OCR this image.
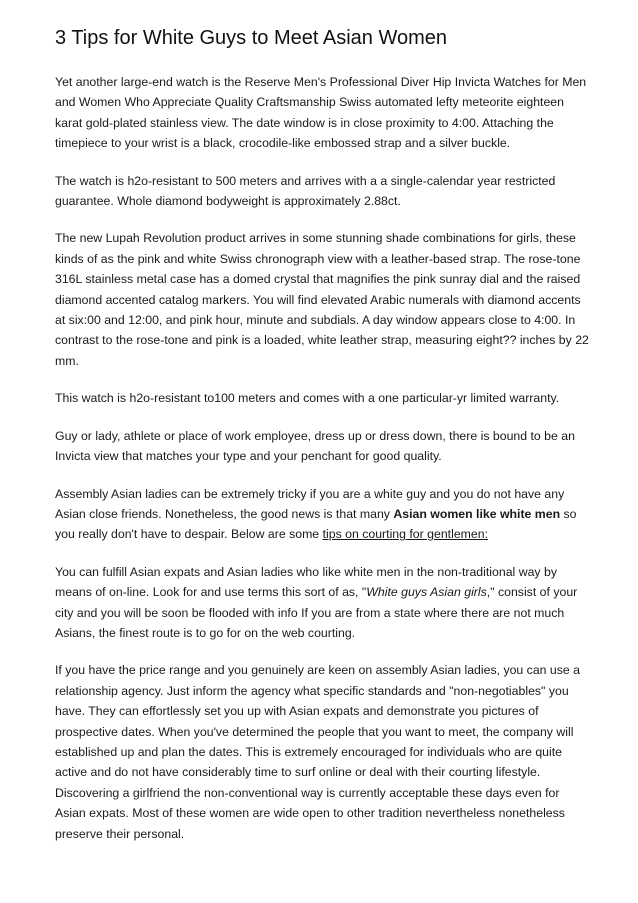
3 Tips for White Guys to Meet Asian Women

Yet another large-end watch is the Reserve Men's Professional Diver Hip Invicta Watches for Men and Women Who Appreciate Quality Craftsmanship Swiss automated lefty meteorite eighteen karat gold-plated stainless view. The date window is in close proximity to 4:00. Attaching the timepiece to your wrist is a black, crocodile-like embossed strap and a silver buckle.

The watch is h2o-resistant to 500 meters and arrives with a a single-calendar year restricted guarantee. Whole diamond bodyweight is approximately 2.88ct.

The new Lupah Revolution product arrives in some stunning shade combinations for girls, these kinds of as the pink and white Swiss chronograph view with a leather-based strap. The rose-tone 316L stainless metal case has a domed crystal that magnifies the pink sunray dial and the raised diamond accented catalog markers. You will find elevated Arabic numerals with diamond accents at six:00 and 12:00, and pink hour, minute and subdials. A day window appears close to 4:00. In contrast to the rose-tone and pink is a loaded, white leather strap, measuring eight?? inches by 22 mm.

This watch is h2o-resistant to100 meters and comes with a one particular-yr limited warranty.

Guy or lady, athlete or place of work employee, dress up or dress down, there is bound to be an Invicta view that matches your type and your penchant for good quality.

Assembly Asian ladies can be extremely tricky if you are a white guy and you do not have any Asian close friends. Nonetheless, the good news is that many Asian women like white men so you really don't have to despair. Below are some tips on courting for gentlemen:

You can fulfill Asian expats and Asian ladies who like white men in the non-traditional way by means of on-line. Look for and use terms this sort of as, "White guys Asian girls," consist of your city and you will be soon be flooded with info If you are from a state where there are not much Asians, the finest route is to go for on the web courting.

If you have the price range and you genuinely are keen on assembly Asian ladies, you can use a relationship agency. Just inform the agency what specific standards and "non-negotiables" you have. They can effortlessly set you up with Asian expats and demonstrate you pictures of prospective dates. When you've determined the people that you want to meet, the company will established up and plan the dates. This is extremely encouraged for individuals who are quite active and do not have considerably time to surf online or deal with their courting lifestyle. Discovering a girlfriend the non-conventional way is currently acceptable these days even for Asian expats. Most of these women are wide open to other tradition nevertheless nonetheless preserve their personal.
